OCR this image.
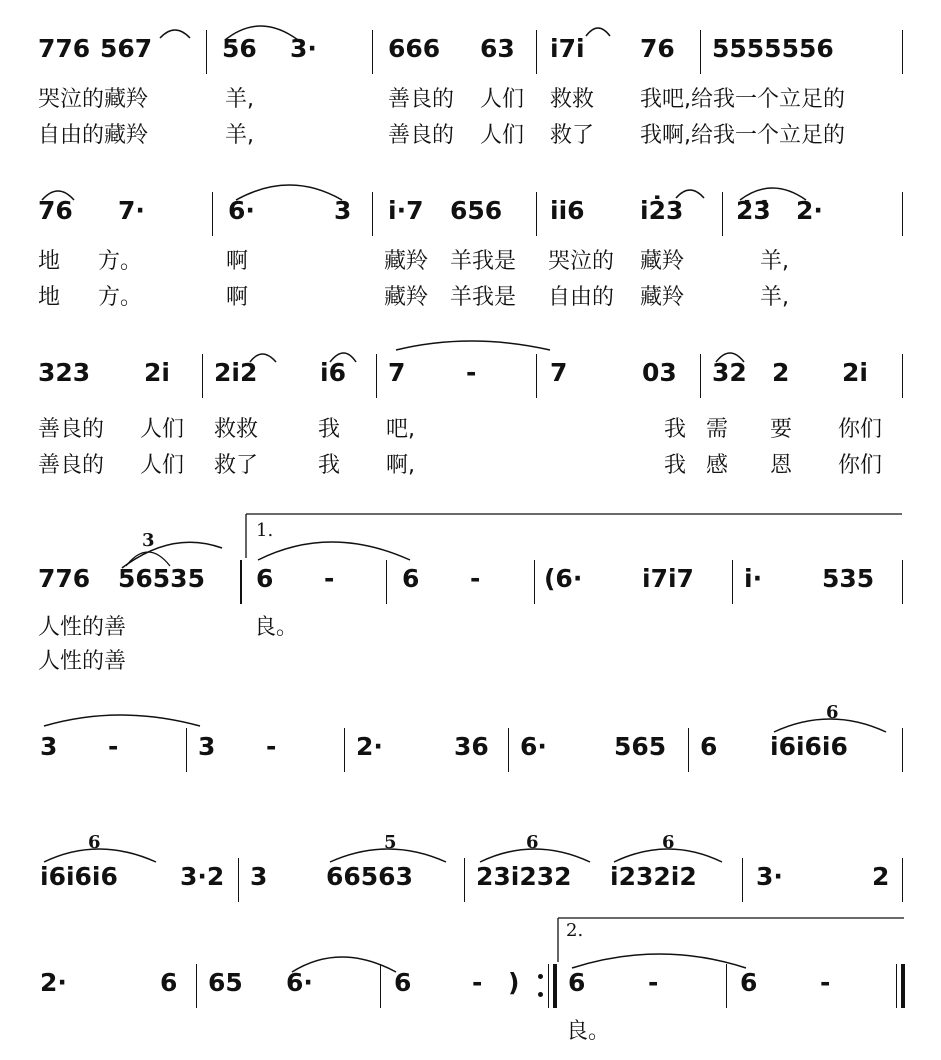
776 567	56 3·	666 63 i7i 76 5555556
哭泣的藏羚	羊,	善良的 人们 救救 我吧,给我一个立足的
自由的藏羚	羊,	善良的 人们 救了 我啊,给我一个立足的
76 7·	6·	3 i·7 656 ii6 i2̇3 2̇3̇ 2·
地 方。	啊	藏羚 羊我是 哭泣的 藏羚	羊,
地 方。	啊	藏羚 羊我是 自由的 藏羚	羊,
323 2i 2i2	i6 7 -	7	03 32 2 2i
善良的 人们 救救	我 吧,	我 需 要 你们
善良的 人们 救了	我 啊,	我 感 恩 你们
1.
3
776 56535 6 -	6 -	(6· i7i7 i· 535
人性的善	良。
人性的善
6
3 -	3 -	2·	36 6·	565 6 i6i6i6
6	5	6	6
i6i6i6 3·2 3 66563	23i232 i232i2 3·	2
2.
2·	6 65 6·	6 - ) 6	-	6	-
良。
